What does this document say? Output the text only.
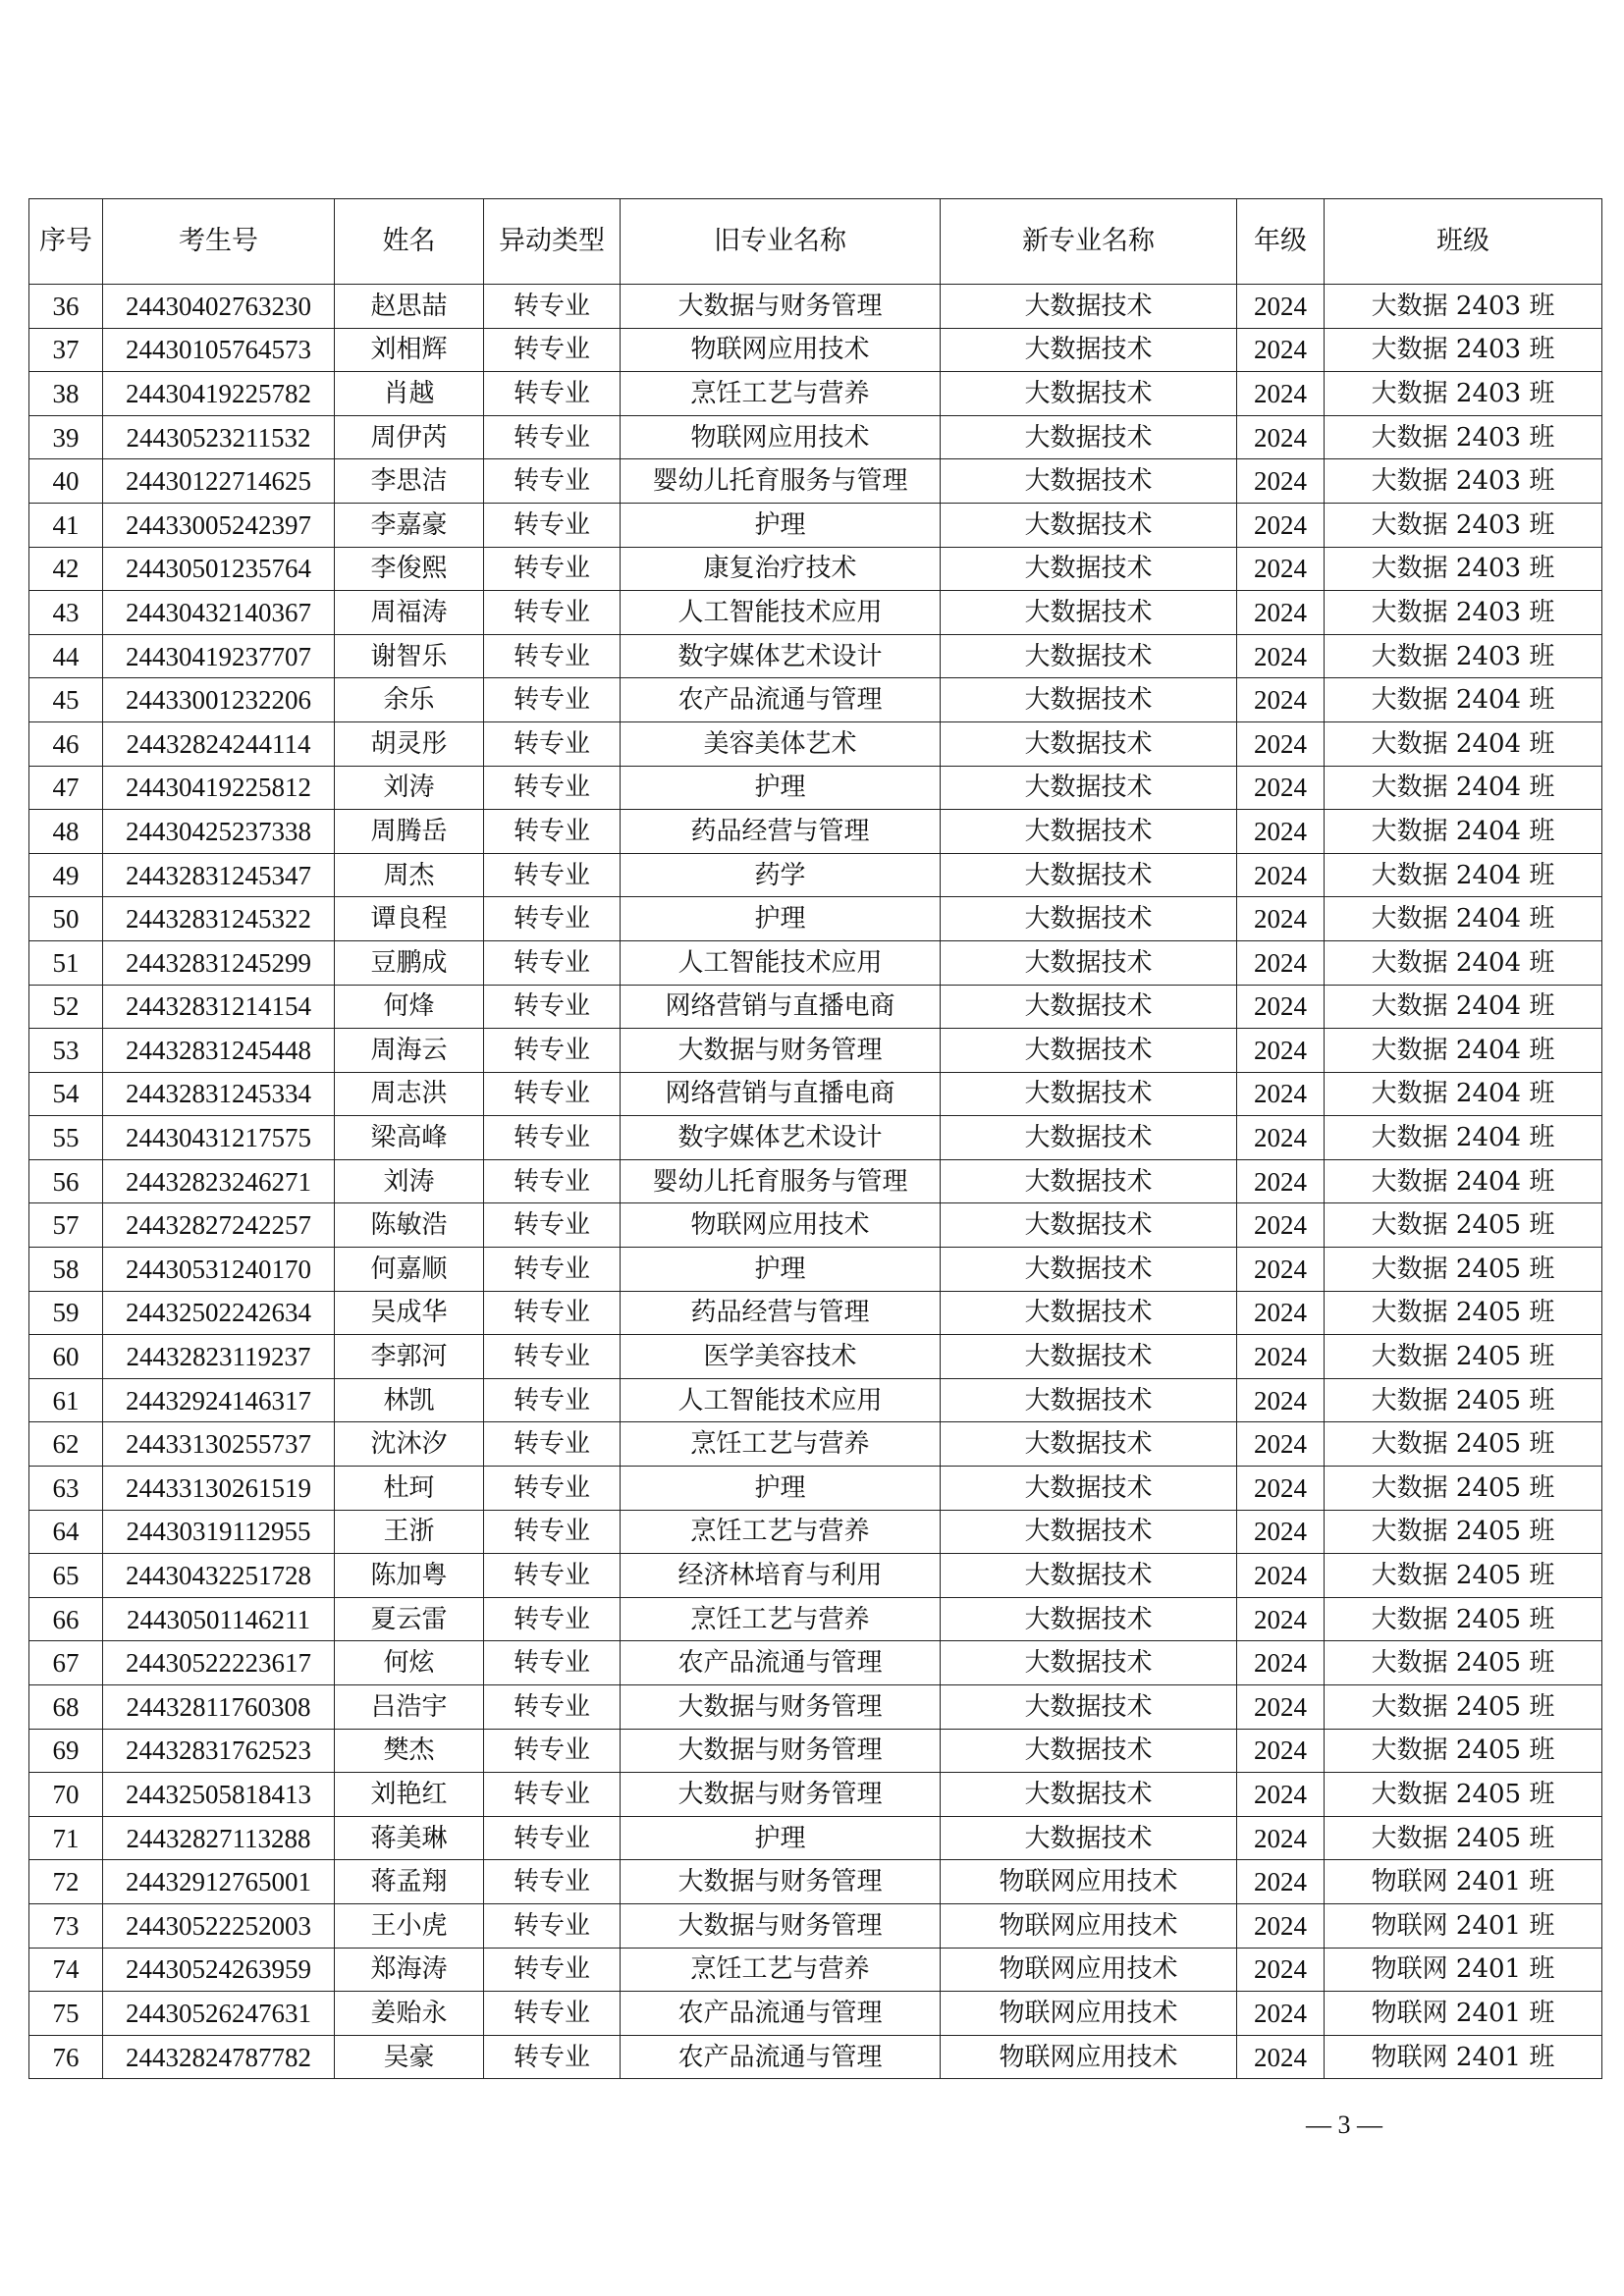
序号	考生号	姓名	异动类型	旧专业名称	新专业名称	年级	班级
36	24430402763230	赵思喆	转专业	大数据与财务管理	大数据技术	2024	大数据 2403 班
37	24430105764573	刘相辉	转专业	物联网应用技术	大数据技术	2024	大数据 2403 班
38	24430419225782	肖越	转专业	烹饪工艺与营养	大数据技术	2024	大数据 2403 班
39	24430523211532	周伊芮	转专业	物联网应用技术	大数据技术	2024	大数据 2403 班
40	24430122714625	李思洁	转专业	婴幼儿托育服务与管理	大数据技术	2024	大数据 2403 班
41	24433005242397	李嘉豪	转专业	护理	大数据技术	2024	大数据 2403 班
42	24430501235764	李俊熙	转专业	康复治疗技术	大数据技术	2024	大数据 2403 班
43	24430432140367	周福涛	转专业	人工智能技术应用	大数据技术	2024	大数据 2403 班
44	24430419237707	谢智乐	转专业	数字媒体艺术设计	大数据技术	2024	大数据 2403 班
45	24433001232206	余乐	转专业	农产品流通与管理	大数据技术	2024	大数据 2404 班
46	24432824244114	胡灵彤	转专业	美容美体艺术	大数据技术	2024	大数据 2404 班
47	24430419225812	刘涛	转专业	护理	大数据技术	2024	大数据 2404 班
48	24430425237338	周腾岳	转专业	药品经营与管理	大数据技术	2024	大数据 2404 班
49	24432831245347	周杰	转专业	药学	大数据技术	2024	大数据 2404 班
50	24432831245322	谭良程	转专业	护理	大数据技术	2024	大数据 2404 班
51	24432831245299	豆鹏成	转专业	人工智能技术应用	大数据技术	2024	大数据 2404 班
52	24432831214154	何烽	转专业	网络营销与直播电商	大数据技术	2024	大数据 2404 班
53	24432831245448	周海云	转专业	大数据与财务管理	大数据技术	2024	大数据 2404 班
54	24432831245334	周志洪	转专业	网络营销与直播电商	大数据技术	2024	大数据 2404 班
55	24430431217575	梁高峰	转专业	数字媒体艺术设计	大数据技术	2024	大数据 2404 班
56	24432823246271	刘涛	转专业	婴幼儿托育服务与管理	大数据技术	2024	大数据 2404 班
57	24432827242257	陈敏浩	转专业	物联网应用技术	大数据技术	2024	大数据 2405 班
58	24430531240170	何嘉顺	转专业	护理	大数据技术	2024	大数据 2405 班
59	24432502242634	吴成华	转专业	药品经营与管理	大数据技术	2024	大数据 2405 班
60	24432823119237	李郭河	转专业	医学美容技术	大数据技术	2024	大数据 2405 班
61	24432924146317	林凯	转专业	人工智能技术应用	大数据技术	2024	大数据 2405 班
62	24433130255737	沈沐汐	转专业	烹饪工艺与营养	大数据技术	2024	大数据 2405 班
63	24433130261519	杜珂	转专业	护理	大数据技术	2024	大数据 2405 班
64	24430319112955	王浙	转专业	烹饪工艺与营养	大数据技术	2024	大数据 2405 班
65	24430432251728	陈加粤	转专业	经济林培育与利用	大数据技术	2024	大数据 2405 班
66	24430501146211	夏云雷	转专业	烹饪工艺与营养	大数据技术	2024	大数据 2405 班
67	24430522223617	何炫	转专业	农产品流通与管理	大数据技术	2024	大数据 2405 班
68	24432811760308	吕浩宇	转专业	大数据与财务管理	大数据技术	2024	大数据 2405 班
69	24432831762523	樊杰	转专业	大数据与财务管理	大数据技术	2024	大数据 2405 班
70	24432505818413	刘艳红	转专业	大数据与财务管理	大数据技术	2024	大数据 2405 班
71	24432827113288	蒋美琳	转专业	护理	大数据技术	2024	大数据 2405 班
72	24432912765001	蒋孟翔	转专业	大数据与财务管理	物联网应用技术	2024	物联网 2401 班
73	24430522252003	王小虎	转专业	大数据与财务管理	物联网应用技术	2024	物联网 2401 班
74	24430524263959	郑海涛	转专业	烹饪工艺与营养	物联网应用技术	2024	物联网 2401 班
75	24430526247631	姜贻永	转专业	农产品流通与管理	物联网应用技术	2024	物联网 2401 班
76	24432824787782	吴豪	转专业	农产品流通与管理	物联网应用技术	2024	物联网 2401 班
— 3 —
